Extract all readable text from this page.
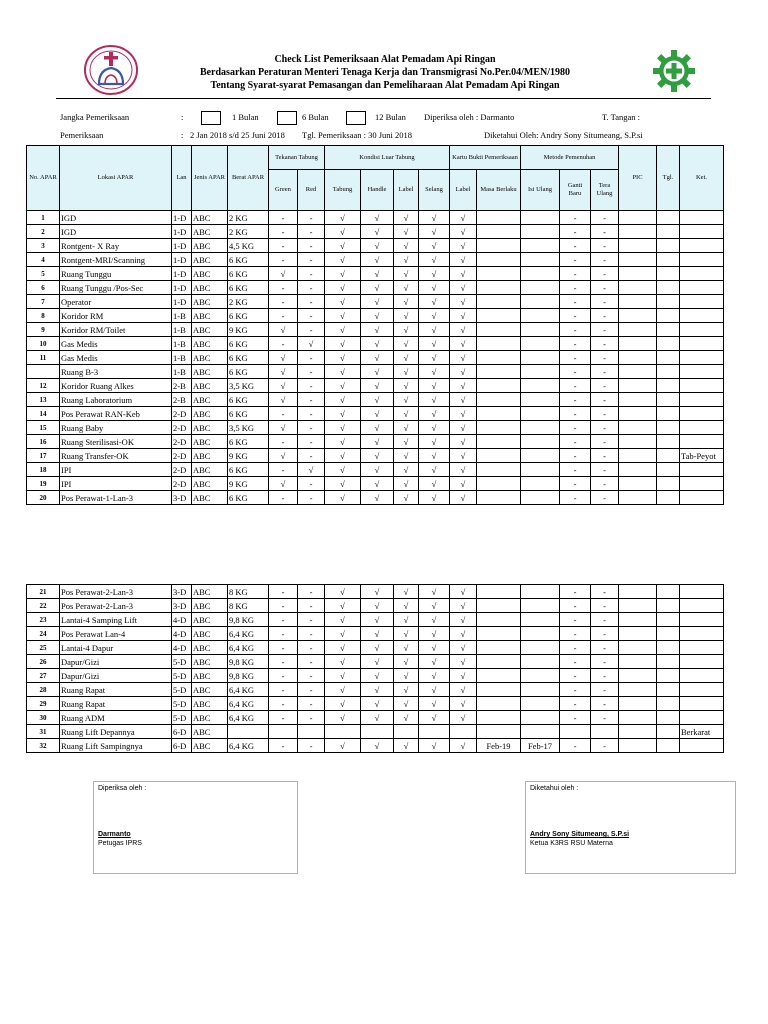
Check List Pemeriksaan Alat Pemadam Api Ringan
Berdasarkan Peraturan Menteri Tenaga Kerja dan Transmigrasi No.Per.04/MEN/1980
Tentang Syarat-syarat Pemasangan dan Pemeliharaan Alat Pemadam Api Ringan
Jangka Pemeriksaan	:	1 Bulan	6 Bulan	12 Bulan Diperiksa oleh : Darmanto	T. Tangan :
Pemeriksaan	: 2 Jan 2018 s/d 25 Juni 2018 Tgl. Pemeriksaan : 30 Juni 2018	Diketahui Oleh: Andry Sony Situmeang, S.P.si
No. APAR	Lokasi APAR	Lan	Jenis APAR	Berat APAR	Tekanan Tabung		Kondisi Luar Tabung				Kartu Bukti Pemeriksaan		Metode Pemenuhan			PIC	Tgl.	Ket.
					Green	Red	Tabung	Handle	Label	Selang	Label	Masa Berlaku	Isi Ulang	Ganti Baru	Tera Ulang			
1	IGD	1-D	ABC	2 KG	-	-	√	√	√	√	√			-	-			
2	IGD	1-D	ABC	2 KG	-	-	√	√	√	√	√			-	-			
3	Rontgent- X Ray	1-D	ABC	4,5 KG	-	-	√	√	√	√	√			-	-			
4	Rontgent-MRI/Scanning	1-D	ABC	6 KG	-	-	√	√	√	√	√			-	-			
5	Ruang Tunggu	1-D	ABC	6 KG	√	-	√	√	√	√	√			-	-			
6	Ruang Tunggu /Pos-Sec	1-D	ABC	6 KG	-	-	√	√	√	√	√			-	-			
7	Operator	1-D	ABC	2 KG	-	-	√	√	√	√	√			-	-			
8	Koridor RM	1-B	ABC	6 KG	-	-	√	√	√	√	√			-	-			
9	Koridor RM/Toilet	1-B	ABC	9 KG	√	-	√	√	√	√	√			-	-			
10	Gas Medis	1-B	ABC	6 KG	-	√	√	√	√	√	√			-	-			
11	Gas Medis	1-B	ABC	6 KG	√	-	√	√	√	√	√			-	-			
	Ruang B-3	1-B	ABC	6 KG	√	-	√	√	√	√	√			-	-			
12	Koridor Ruang Alkes	2-B	ABC	3,5 KG	√	-	√	√	√	√	√			-	-			
13	Ruang Laboratorium	2-B	ABC	6 KG	√	-	√	√	√	√	√			-	-			
14	Pos Perawat RAN-Keb	2-D	ABC	6 KG	-	-	√	√	√	√	√			-	-			
15	Ruang Baby	2-D	ABC	3,5 KG	√	-	√	√	√	√	√			-	-			
16	Ruang Sterilisasi-OK	2-D	ABC	6 KG	-	-	√	√	√	√	√			-	-			
17	Ruang Transfer-OK	2-D	ABC	9 KG	√	-	√	√	√	√	√			-	-			Tab-Peyot
18	IPI	2-D	ABC	6 KG	-	√	√	√	√	√	√			-	-			
19	IPI	2-D	ABC	9 KG	√	-	√	√	√	√	√			-	-			
20	Pos Perawat-1-Lan-3	3-D	ABC	6 KG	-	-	√	√	√	√	√			-	-			
21	Pos Perawat-2-Lan-3	3-D	ABC	8 KG	-	-	√	√	√	√	√			-	-			
22	Pos Perawat-2-Lan-3	3-D	ABC	8 KG	-	-	√	√	√	√	√			-	-			
23	Lantai-4 Samping Lift	4-D	ABC	9,8 KG	-	-	√	√	√	√	√			-	-			
24	Pos Perawat Lan-4	4-D	ABC	6,4 KG	-	-	√	√	√	√	√			-	-			
25	Lantai-4 Dapur	4-D	ABC	6,4 KG	-	-	√	√	√	√	√			-	-			
26	Dapur/Gizi	5-D	ABC	9,8 KG	-	-	√	√	√	√	√			-	-			
27	Dapur/Gizi	5-D	ABC	9,8 KG	-	-	√	√	√	√	√			-	-			
28	Ruang Rapat	5-D	ABC	6,4 KG	-	-	√	√	√	√	√			-	-			
29	Ruang Rapat	5-D	ABC	6,4 KG	-	-	√	√	√	√	√			-	-			
30	Ruang ADM	5-D	ABC	6,4 KG	-	-	√	√	√	√	√			-	-			
31	Ruang Lift Depannya	6-D	ABC															Berkarat
32	Ruang Lift Sampingnya	6-D	ABC	6,4 KG	-	-	√	√	√	√	√	Feb-19	Feb-17	-	-			
Diperiksa oleh :
Darmanto
Petugas IPRS
Diketahui oleh :
Andry Sony Situmeang, S.P.si
Ketua K3RS RSU Materna
